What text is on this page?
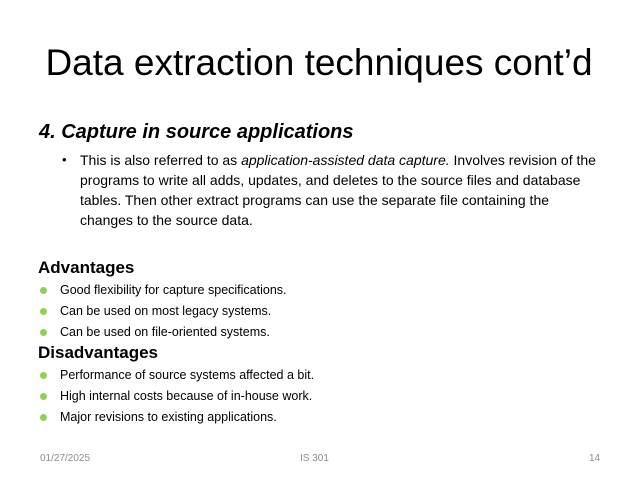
Data extraction techniques cont’d
4. Capture in source applications
• This is also referred to as application-assisted data capture. Involves revision of the programs to write all adds, updates, and deletes to the source files and database tables. Then other extract programs can use the separate file containing the changes to the source data.
Advantages
Good flexibility for capture specifications.
Can be used on most legacy systems.
Can be used on file-oriented systems.
Disadvantages
Performance of source systems affected a bit.
High internal costs because of in-house work.
Major revisions to existing applications.
01/27/2025	IS 301	14
